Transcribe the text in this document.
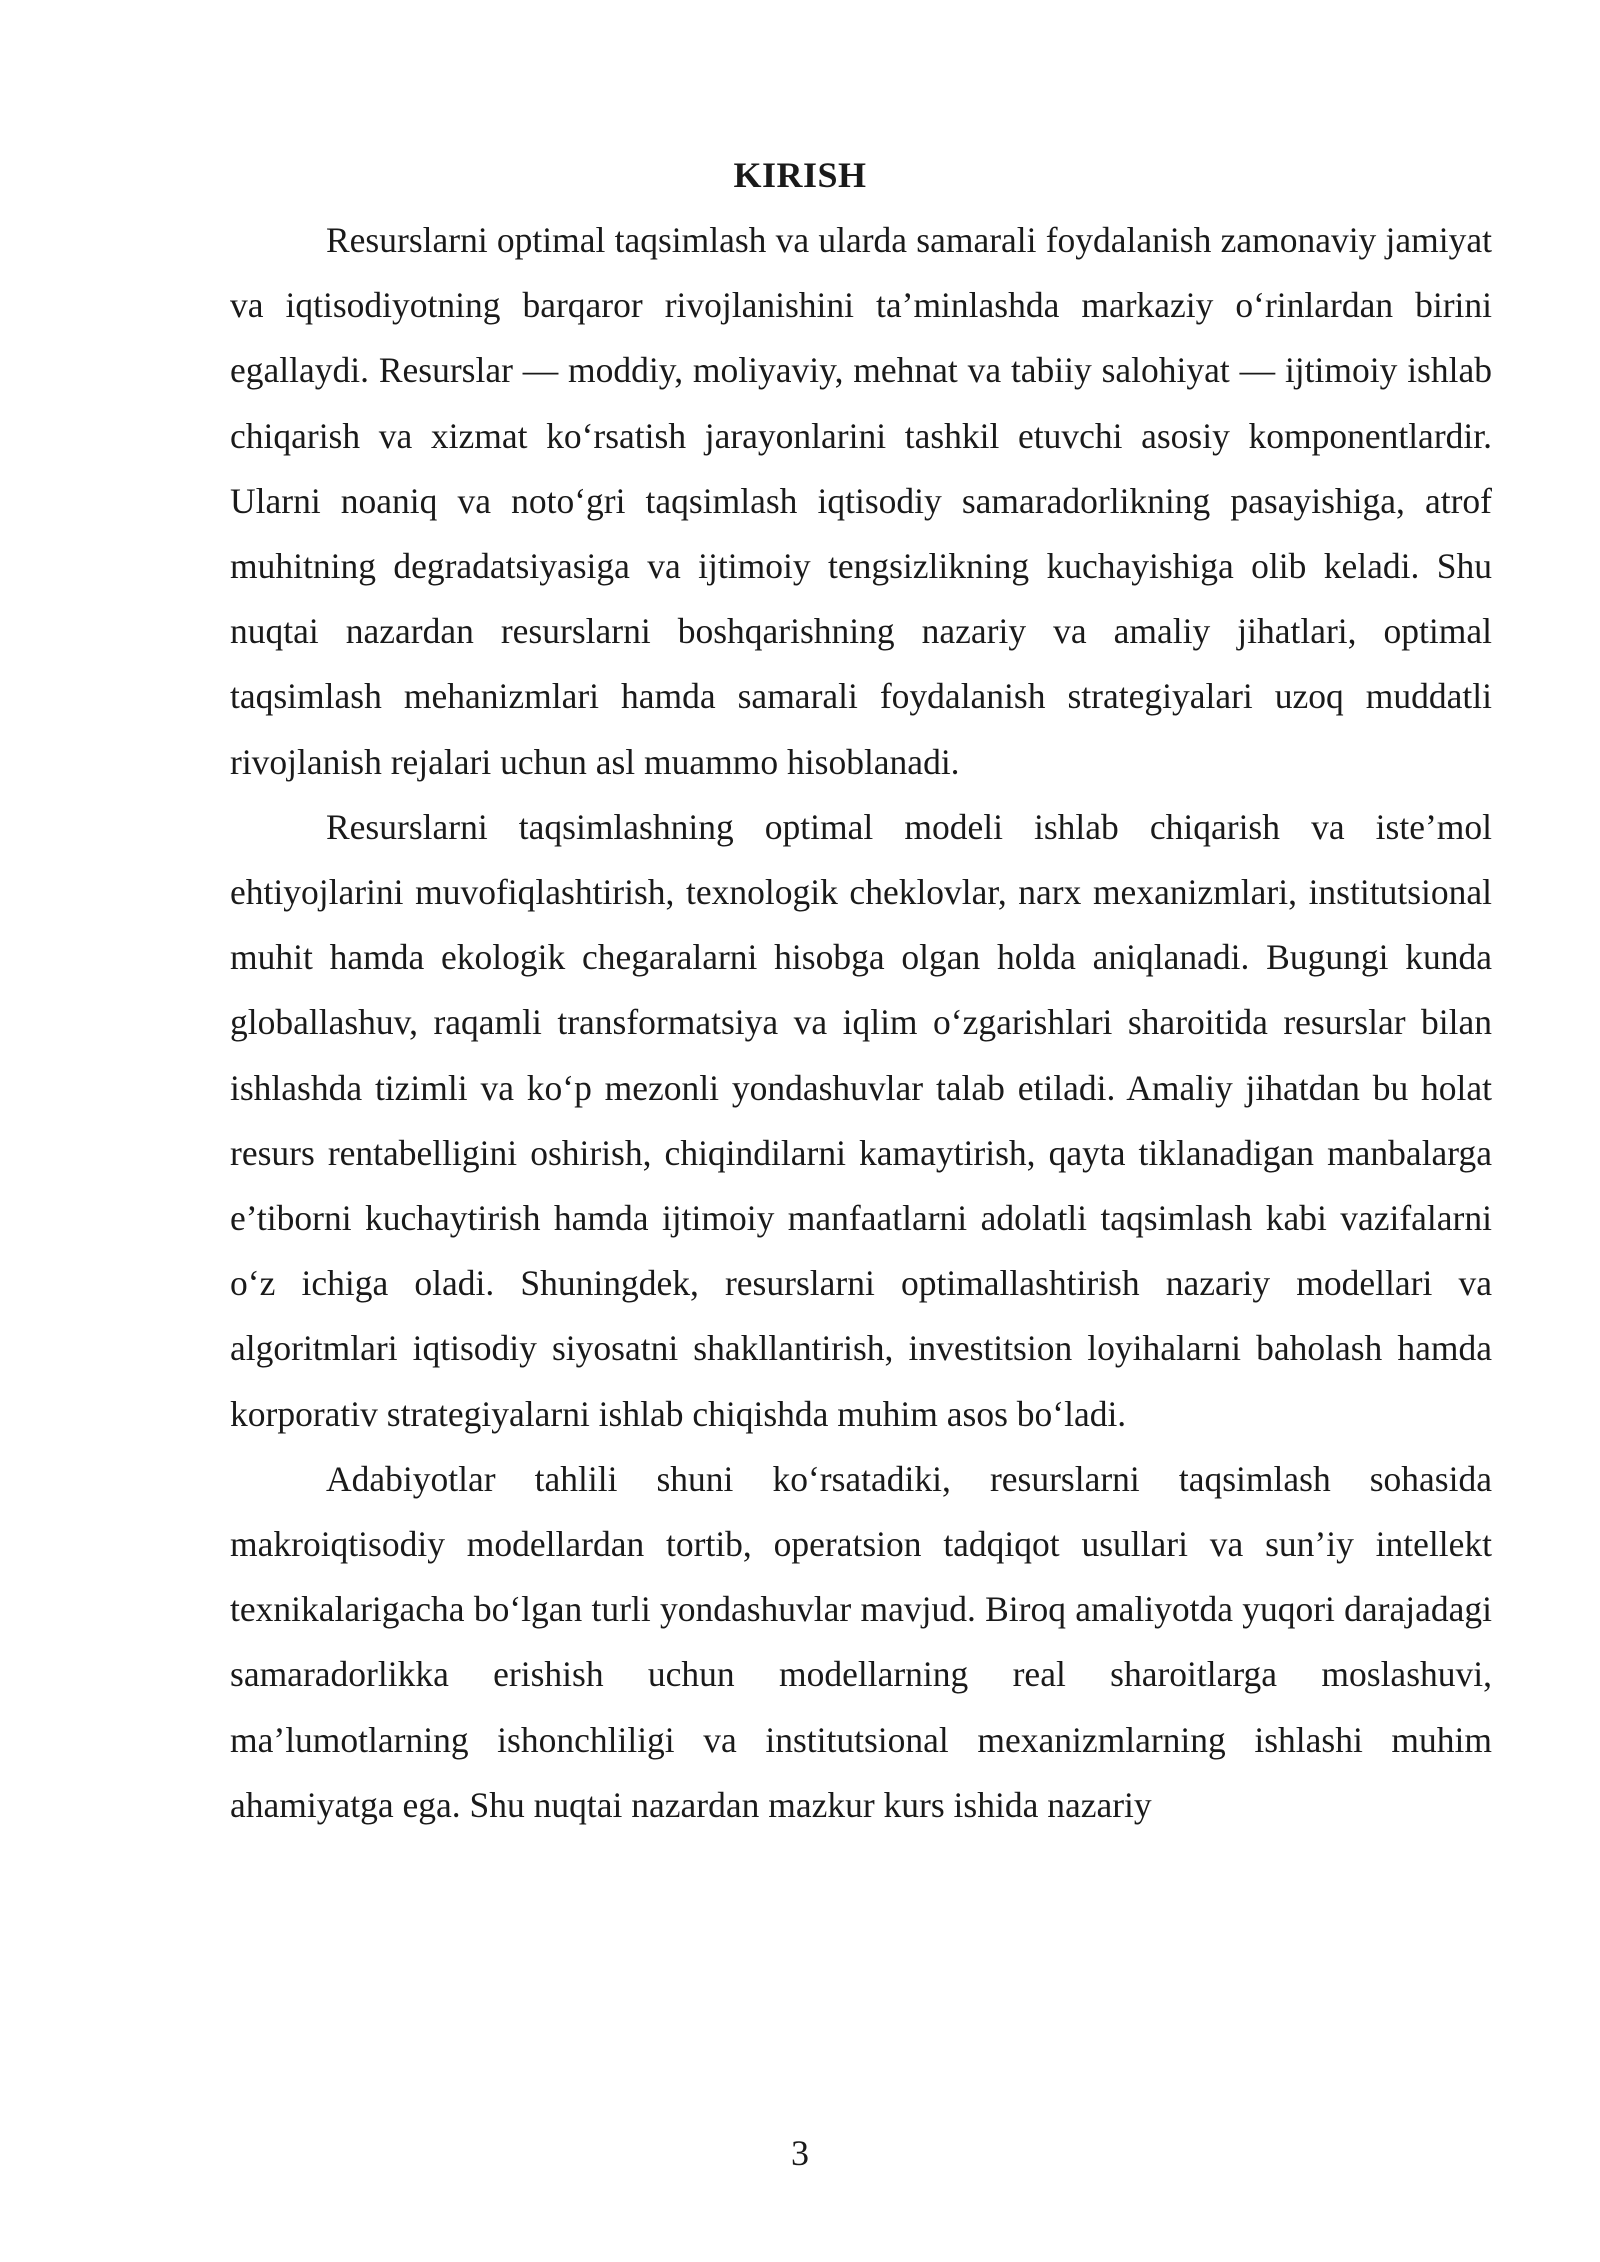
KIRISH

Resurslarni optimal taqsimlash va ularda samarali foydalanish zamonaviy jamiyat va iqtisodiyotning barqaror rivojlanishini ta’minlashda markaziy o‘rinlardan birini egallaydi. Resurslar — moddiy, moliyaviy, mehnat va tabiiy salohiyat — ijtimoiy ishlab chiqarish va xizmat ko‘rsatish jarayonlarini tashkil etuvchi asosiy komponentlardir. Ularni noaniq va noto‘gri taqsimlash iqtisodiy samaradorlikning pasayishiga, atrof muhitning degradatsiyasiga va ijtimoiy tengsizlikning kuchayishiga olib keladi. Shu nuqtai nazardan resurslarni boshqarishning nazariy va amaliy jihatlari, optimal taqsimlash mehanizmlari hamda samarali foydalanish strategiyalari uzoq muddatli rivojlanish rejalari uchun asl muammo hisoblanadi.

Resurslarni taqsimlashning optimal modeli ishlab chiqarish va iste’mol ehtiyojlarini muvofiqlashtirish, texnologik cheklovlar, narx mexanizmlari, institutsional muhit hamda ekologik chegaralarni hisobga olgan holda aniqlanadi. Bugungi kunda globallashuv, raqamli transformatsiya va iqlim o‘zgarishlari sharoitida resurslar bilan ishlashda tizimli va ko‘p mezonli yondashuvlar talab etiladi. Amaliy jihatdan bu holat resurs rentabelligini oshirish, chiqindilarni kamaytirish, qayta tiklanadigan manbalarga e’tiborni kuchaytirish hamda ijtimoiy manfaatlarni adolatli taqsimlash kabi vazifalarni o‘z ichiga oladi. Shuningdek, resurslarni optimallashtirish nazariy modellari va algoritmlari iqtisodiy siyosatni shakllantirish, investitsion loyihalarni baholash hamda korporativ strategiyalarni ishlab chiqishda muhim asos bo‘ladi.

Adabiyotlar tahlili shuni ko‘rsatadiki, resurslarni taqsimlash sohasida makroiqtisodiy modellardan tortib, operatsion tadqiqot usullari va sun’iy intellekt texnikalarigacha bo‘lgan turli yondashuvlar mavjud. Biroq amaliyotda yuqori darajadagi samaradorlikka erishish uchun modellarning real sharoitlarga moslashuvi, ma’lumotlarning ishonchliligi va institutsional mexanizmlarning ishlashi muhim ahamiyatga ega. Shu nuqtai nazardan mazkur kurs ishida nazariy

3
